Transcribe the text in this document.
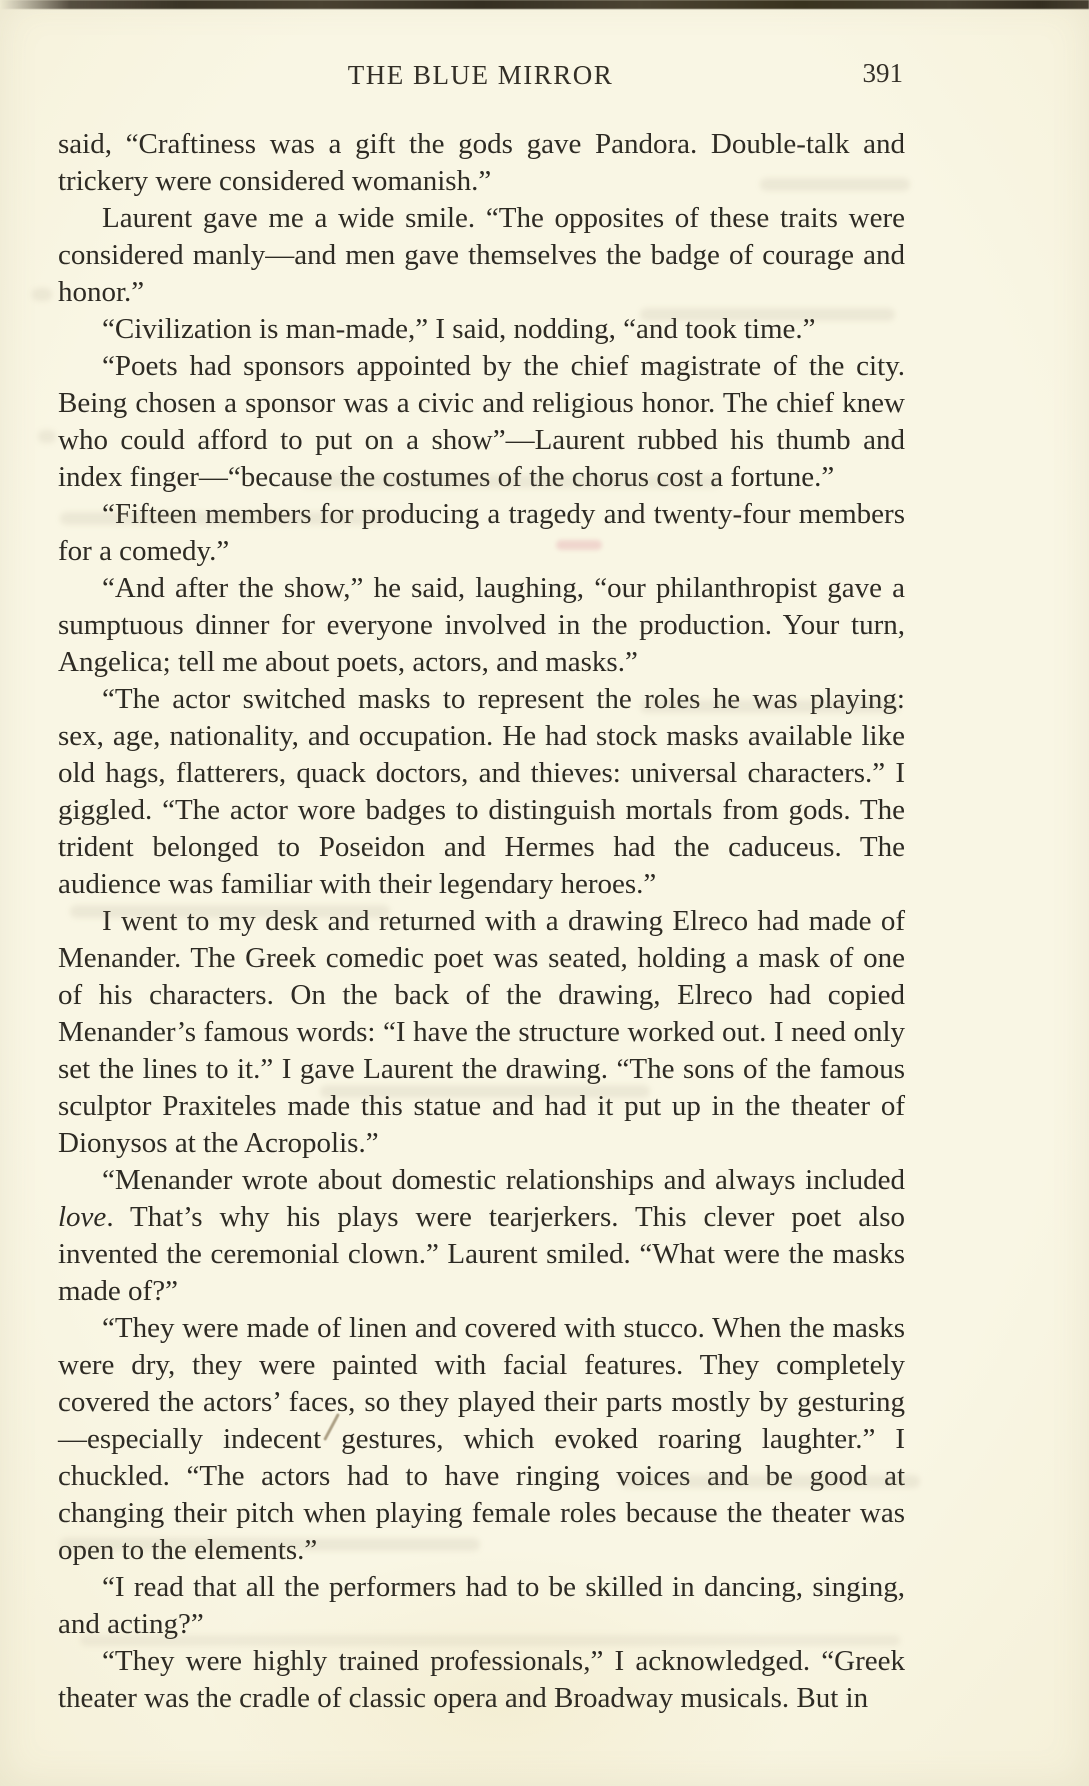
THE BLUE MIRROR	391

said, “Craftiness was a gift the gods gave Pandora. Double-talk and trickery were considered womanish.”

Laurent gave me a wide smile. “The opposites of these traits were considered manly—and men gave themselves the badge of courage and honor.”

“Civilization is man-made,” I said, nodding, “and took time.”

“Poets had sponsors appointed by the chief magistrate of the city. Being chosen a sponsor was a civic and religious honor. The chief knew who could afford to put on a show”—Laurent rubbed his thumb and index finger—“because the costumes of the chorus cost a fortune.”

“Fifteen members for producing a tragedy and twenty-four members for a comedy.”

“And after the show,” he said, laughing, “our philanthropist gave a sumptuous dinner for everyone involved in the production. Your turn, Angelica; tell me about poets, actors, and masks.”

“The actor switched masks to represent the roles he was playing: sex, age, nationality, and occupation. He had stock masks available like old hags, flatterers, quack doctors, and thieves: universal characters.” I giggled. “The actor wore badges to distinguish mortals from gods. The trident belonged to Poseidon and Hermes had the caduceus. The audience was familiar with their legendary heroes.”

I went to my desk and returned with a drawing Elreco had made of Menander. The Greek comedic poet was seated, holding a mask of one of his characters. On the back of the drawing, Elreco had copied Menander’s famous words: “I have the structure worked out. I need only set the lines to it.” I gave Laurent the drawing. “The sons of the famous sculptor Praxiteles made this statue and had it put up in the theater of Dionysos at the Acropolis.”

“Menander wrote about domestic relationships and always included love. That’s why his plays were tearjerkers. This clever poet also invented the ceremonial clown.” Laurent smiled. “What were the masks made of?”

“They were made of linen and covered with stucco. When the masks were dry, they were painted with facial features. They completely covered the actors’ faces, so they played their parts mostly by gesturing—especially indecent gestures, which evoked roaring laughter.” I chuckled. “The actors had to have ringing voices and be good at changing their pitch when playing female roles because the theater was open to the elements.”

“I read that all the performers had to be skilled in dancing, singing, and acting?”

“They were highly trained professionals,” I acknowledged. “Greek theater was the cradle of classic opera and Broadway musicals. But in
